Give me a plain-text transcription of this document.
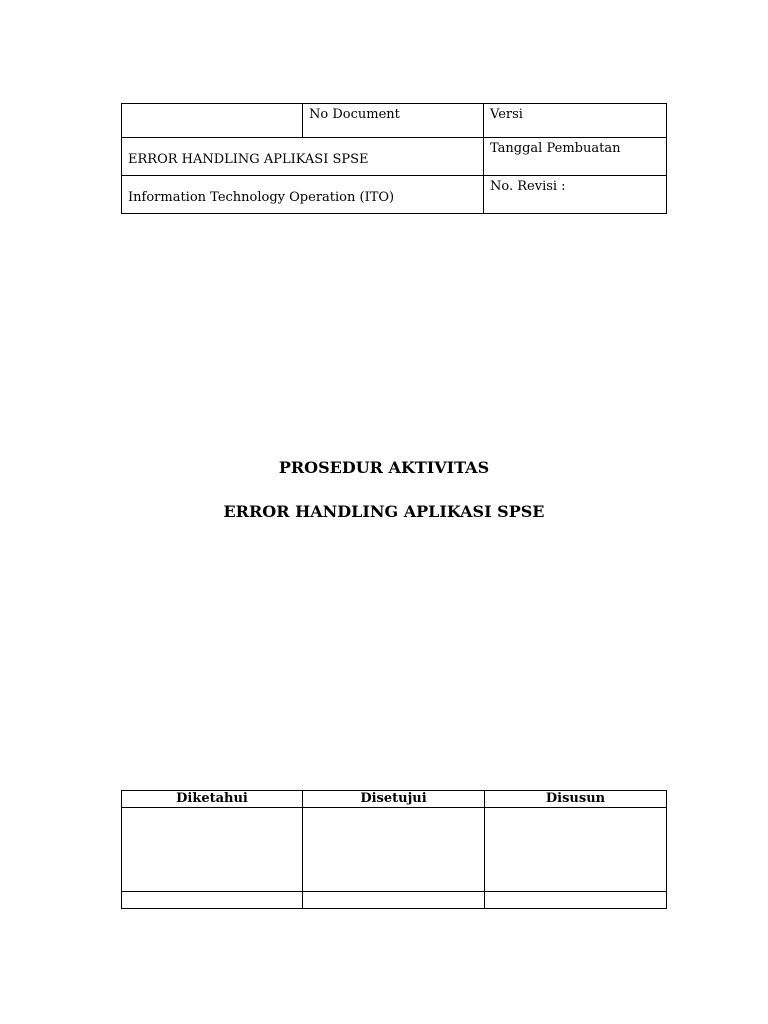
	No Document	Versi
ERROR HANDLING APLIKASI SPSE		Tanggal Pembuatan
Information Technology Operation (ITO)		No. Revisi :
PROSEDUR AKTIVITAS
ERROR HANDLING APLIKASI SPSE
Diketahui	Disetujui	Disusun
